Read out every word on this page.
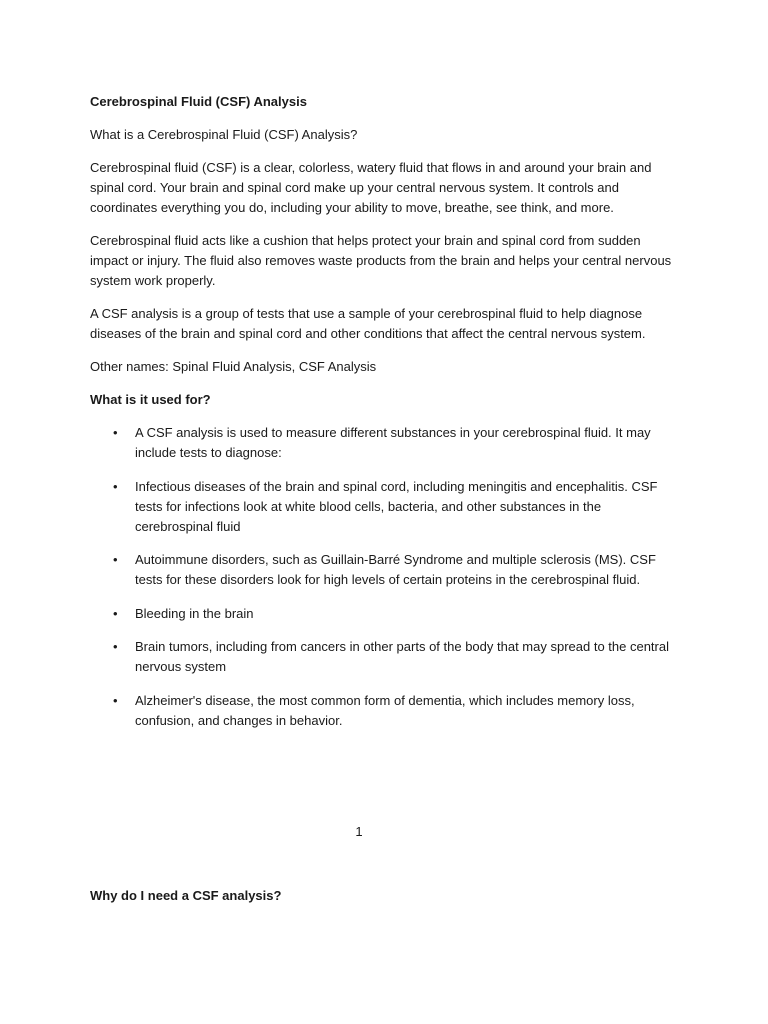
Cerebrospinal Fluid (CSF) Analysis

What is a Cerebrospinal Fluid (CSF) Analysis?

Cerebrospinal fluid (CSF) is a clear, colorless, watery fluid that flows in and around your brain and spinal cord. Your brain and spinal cord make up your central nervous system. It controls and coordinates everything you do, including your ability to move, breathe, see think, and more.

Cerebrospinal fluid acts like a cushion that helps protect your brain and spinal cord from sudden impact or injury. The fluid also removes waste products from the brain and helps your central nervous system work properly.

A CSF analysis is a group of tests that use a sample of your cerebrospinal fluid to help diagnose diseases of the brain and spinal cord and other conditions that affect the central nervous system.

Other names: Spinal Fluid Analysis, CSF Analysis

What is it used for?

• A CSF analysis is used to measure different substances in your cerebrospinal fluid. It may include tests to diagnose:
• Infectious diseases of the brain and spinal cord, including meningitis and encephalitis. CSF tests for infections look at white blood cells, bacteria, and other substances in the cerebrospinal fluid
• Autoimmune disorders, such as Guillain-Barré Syndrome and multiple sclerosis (MS). CSF tests for these disorders look for high levels of certain proteins in the cerebrospinal fluid.
• Bleeding in the brain
• Brain tumors, including from cancers in other parts of the body that may spread to the central nervous system
• Alzheimer's disease, the most common form of dementia, which includes memory loss, confusion, and changes in behavior.
1

Why do I need a CSF analysis?
